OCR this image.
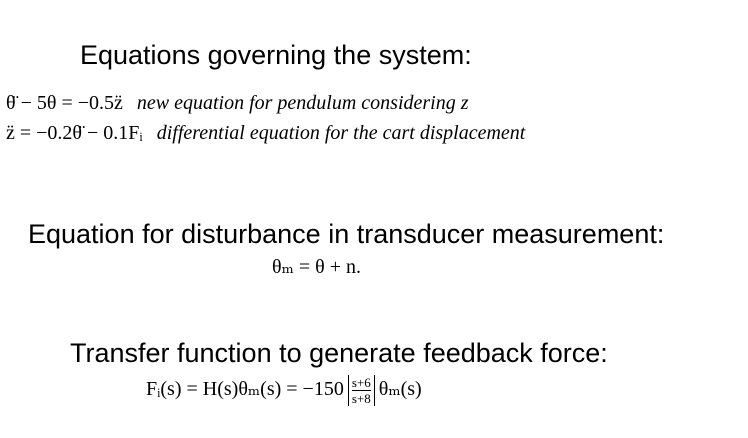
Equations governing the system:
θ̈ − 5θ = −0.5z̈ new equation for pendulum considering z
z̈ = −0.2θ̈ − 0.1Fᵢ differential equation for the cart displacement
Equation for disturbance in transducer measurement:
θₘ = θ + n.
Transfer function to generate feedback force:
Fᵢ(s) = $H(s)\theta_m(s) = -150 \frac{s+6}{s+8} \theta_m(s)$
